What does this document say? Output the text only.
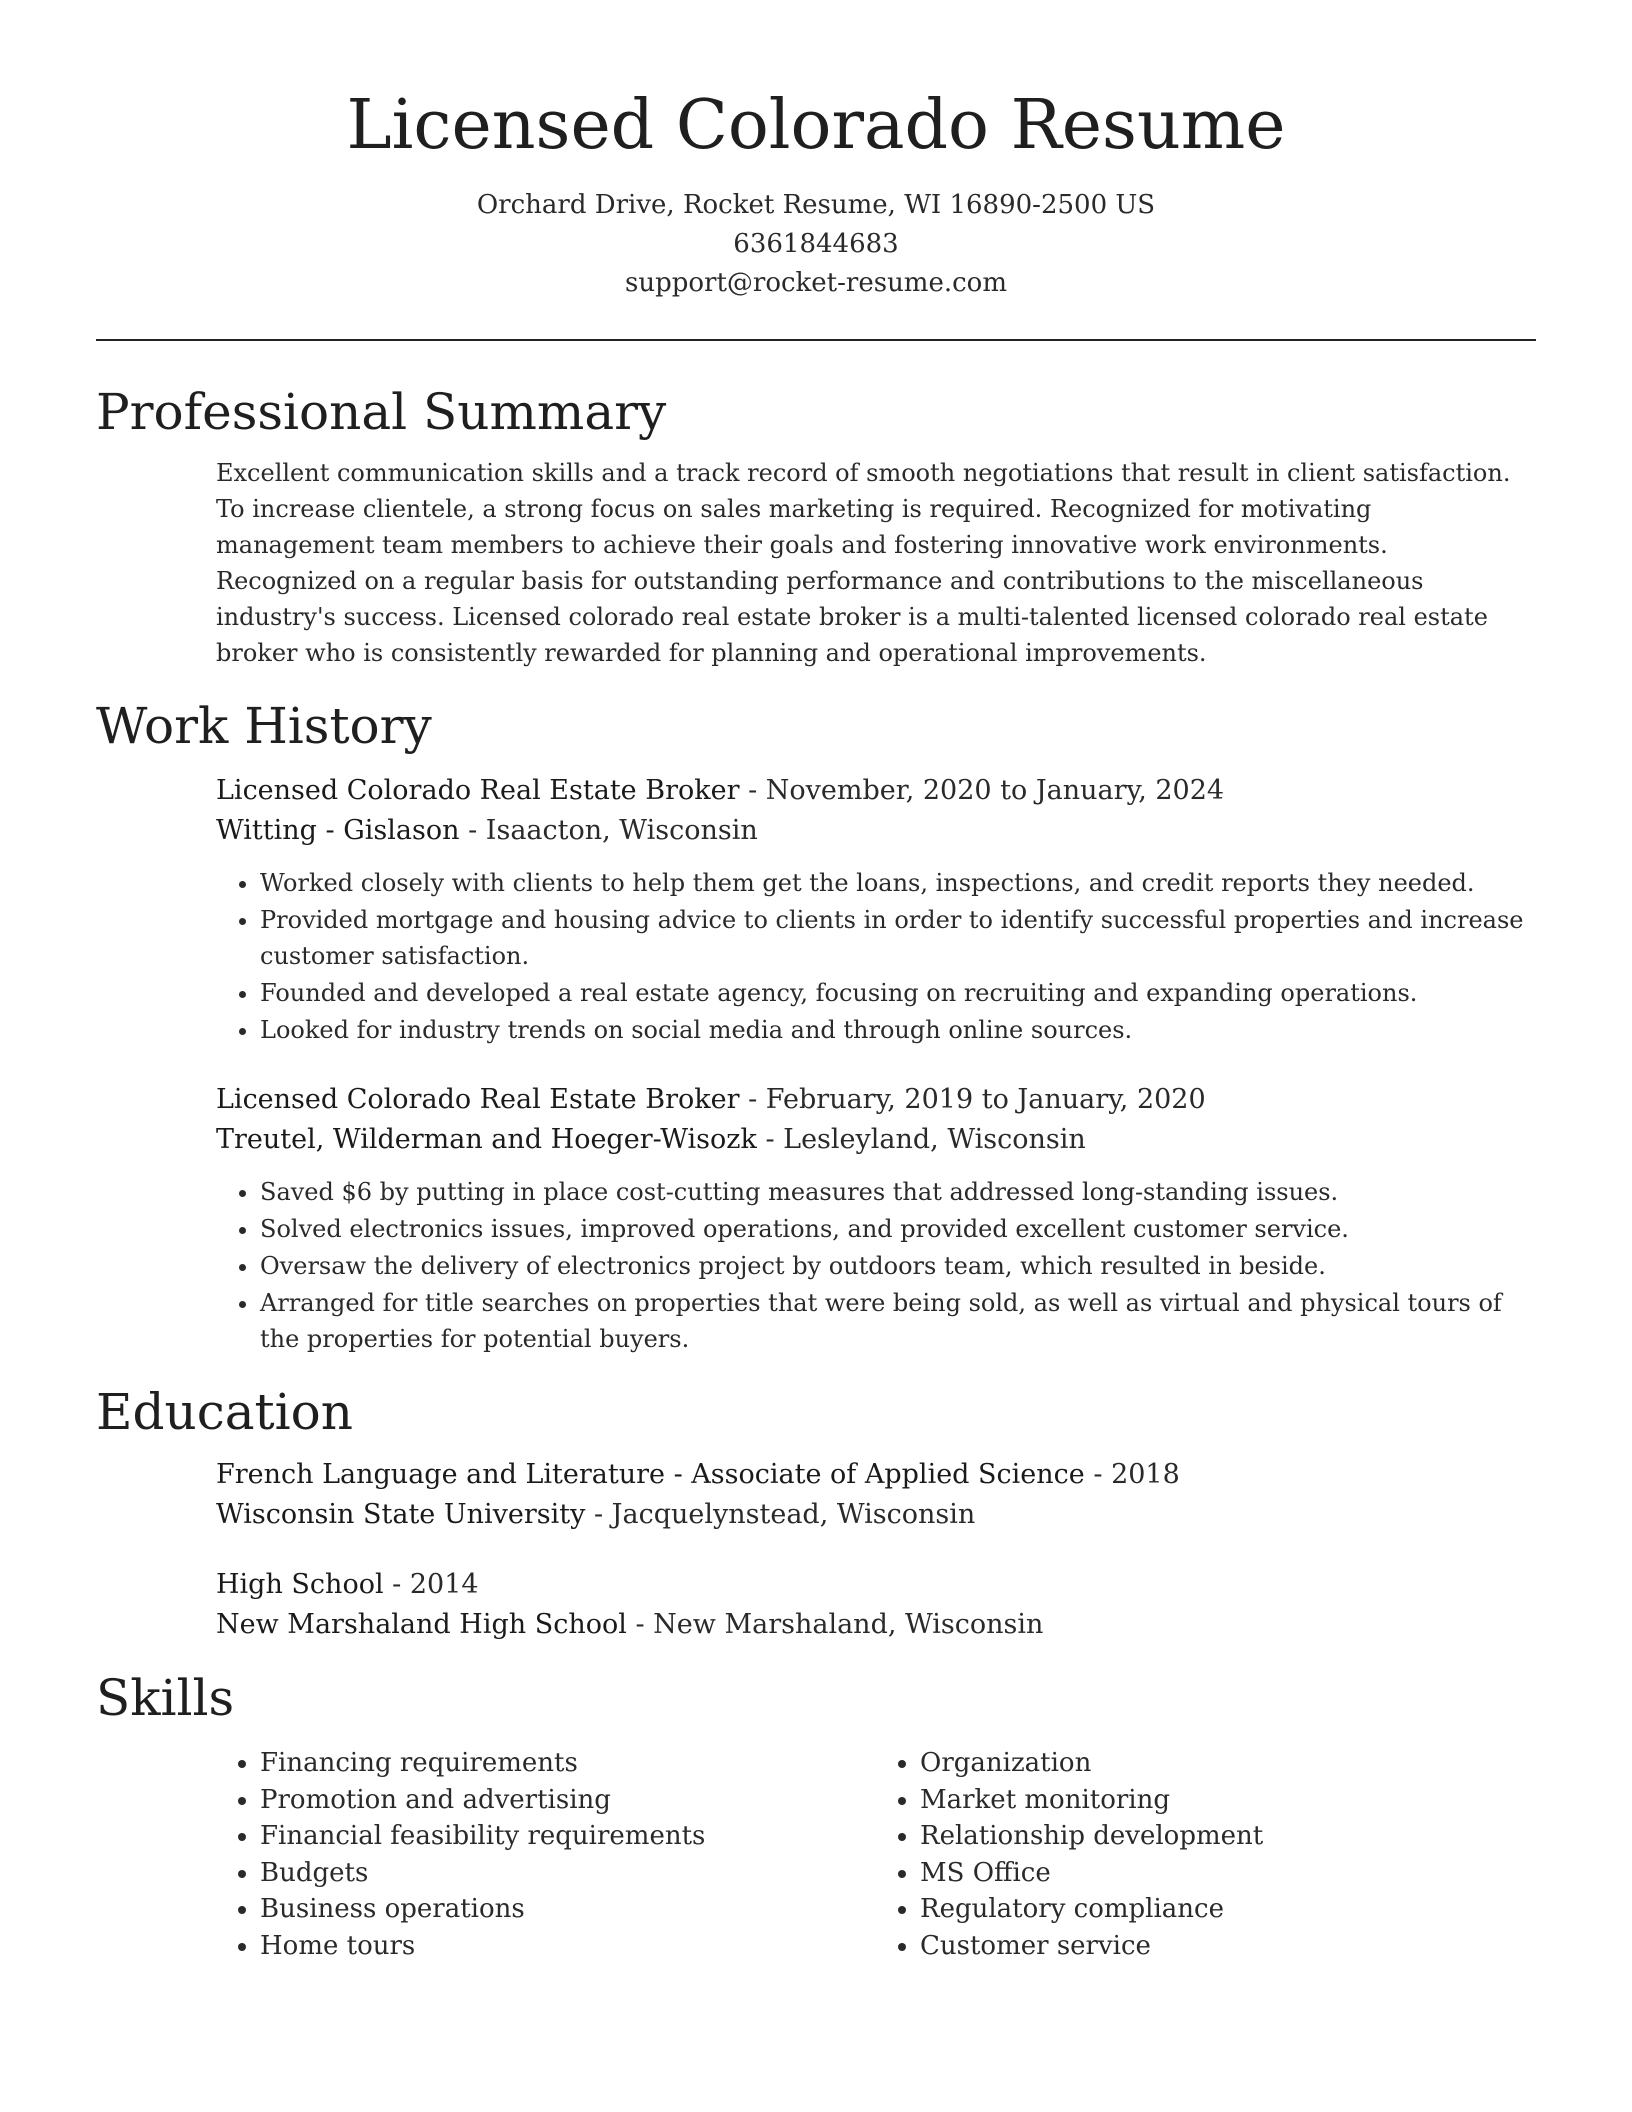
Licensed Colorado Resume
Orchard Drive, Rocket Resume, WI 16890-2500 US
6361844683
support@rocket-resume.com
Professional Summary

Excellent communication skills and a track record of smooth negotiations that result in client satisfaction. To increase clientele, a strong focus on sales marketing is required. Recognized for motivating management team members to achieve their goals and fostering innovative work environments. Recognized on a regular basis for outstanding performance and contributions to the miscellaneous industry's success. Licensed colorado real estate broker is a multi-talented licensed colorado real estate broker who is consistently rewarded for planning and operational improvements.

Work History
Licensed Colorado Real Estate Broker - November, 2020 to January, 2024
Witting - Gislason - Isaacton, Wisconsin
• Worked closely with clients to help them get the loans, inspections, and credit reports they needed.
• Provided mortgage and housing advice to clients in order to identify successful properties and increase customer satisfaction.
• Founded and developed a real estate agency, focusing on recruiting and expanding operations.
• Looked for industry trends on social media and through online sources.
Licensed Colorado Real Estate Broker - February, 2019 to January, 2020
Treutel, Wilderman and Hoeger-Wisozk - Lesleyland, Wisconsin
• Saved $6 by putting in place cost-cutting measures that addressed long-standing issues.
• Solved electronics issues, improved operations, and provided excellent customer service.
• Oversaw the delivery of electronics project by outdoors team, which resulted in beside.
• Arranged for title searches on properties that were being sold, as well as virtual and physical tours of the properties for potential buyers.
Education
French Language and Literature - Associate of Applied Science - 2018
Wisconsin State University - Jacquelynstead, Wisconsin
High School - 2014
New Marshaland High School - New Marshaland, Wisconsin
Skills
• Financing requirements
• Promotion and advertising
• Financial feasibility requirements
• Budgets
• Business operations
• Home tours
• Organization
• Market monitoring
• Relationship development
• MS Office
• Regulatory compliance
• Customer service
